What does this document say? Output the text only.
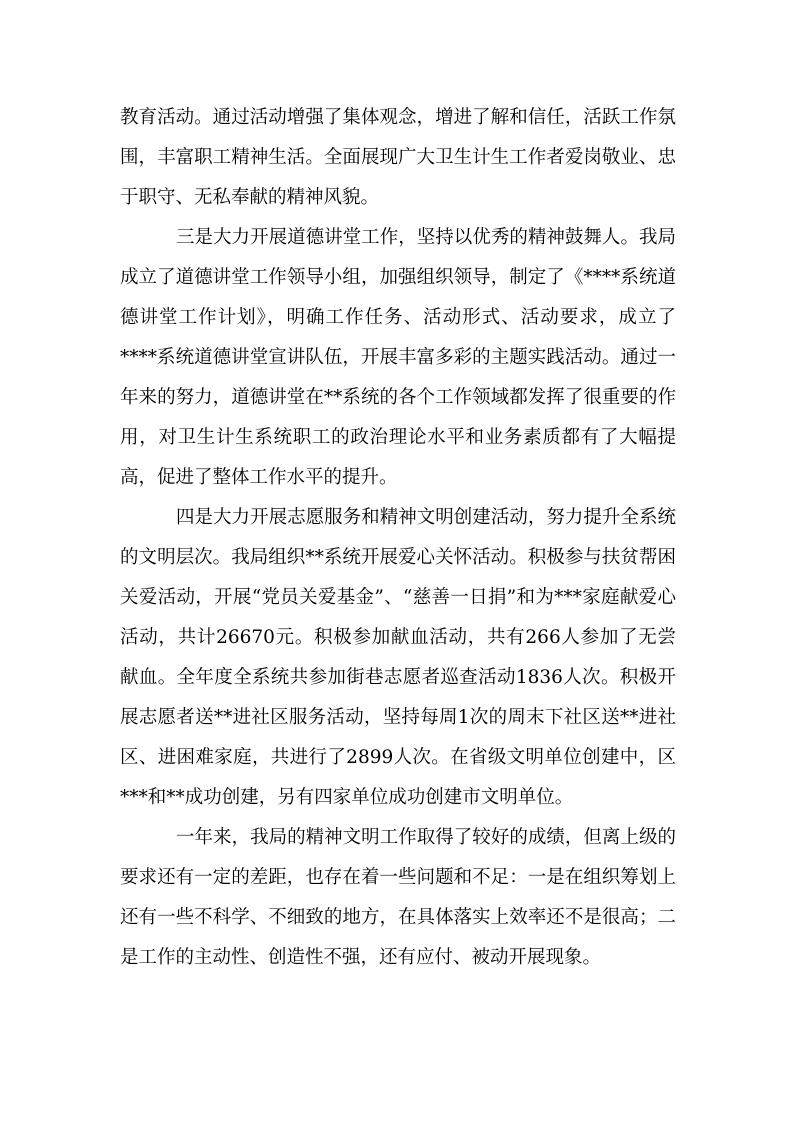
教育活动。通过活动增强了集体观念，增进了解和信任，活跃工作氛围，丰富职工精神生活。全面展现广大卫生计生工作者爱岗敬业、忠于职守、无私奉献的精神风貌。

三是大力开展道德讲堂工作，坚持以优秀的精神鼓舞人。我局成立了道德讲堂工作领导小组，加强组织领导，制定了《****系统道德讲堂工作计划》，明确工作任务、活动形式、活动要求，成立了****系统道德讲堂宣讲队伍，开展丰富多彩的主题实践活动。通过一年来的努力，道德讲堂在**系统的各个工作领域都发挥了很重要的作用，对卫生计生系统职工的政治理论水平和业务素质都有了大幅提高，促进了整体工作水平的提升。

四是大力开展志愿服务和精神文明创建活动，努力提升全系统的文明层次。我局组织**系统开展爱心关怀活动。积极参与扶贫帮困关爱活动，开展“党员关爱基金”、“慈善一日捐”和为***家庭献爱心活动，共计26670元。积极参加献血活动，共有266人参加了无尝献血。全年度全系统共参加街巷志愿者巡查活动1836人次。积极开展志愿者送**进社区服务活动，坚持每周1次的周末下社区送**进社区、进困难家庭，共进行了2899人次。在省级文明单位创建中，区***和**成功创建，另有四家单位成功创建市文明单位。

一年来，我局的精神文明工作取得了较好的成绩，但离上级的要求还有一定的差距，也存在着一些问题和不足：一是在组织筹划上还有一些不科学、不细致的地方，在具体落实上效率还不是很高；二是工作的主动性、创造性不强，还有应付、被动开展现象。
